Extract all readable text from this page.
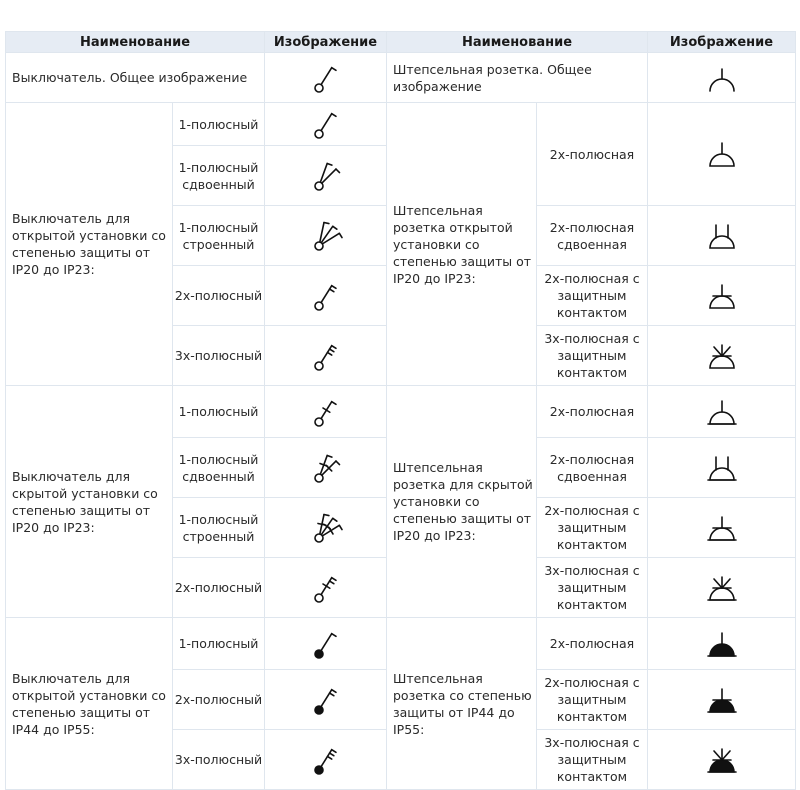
Наименование		Изображение	Наименование		Изображение
Выключатель. Общее изображение			Штепсельная розетка. Общее изображение	

Выключатель для открытой установки со степенью защиты от IP20 до IP23:	1-полюсный		Штепсельная розетка открытой установки со степенью защиты от IP20 до IP23:	2х-полюсная	

	1-полюсный сдвоенный	

	1-полюсный строенный			2х-полюсная сдвоенная	

	2х-полюсный			2х-полюсная с защитным контактом	

	3х-полюсный			3х-полюсная с защитным контактом	

Выключатель для скрытой установки со степенью защиты от IP20 до IP23:	1-полюсный		Штепсельная розетка для скрытой установки со степенью защиты от IP20 до IP23:	2х-полюсная	

	1-полюсный сдвоенный			2х-полюсная сдвоенная	

	1-полюсный строенный			2х-полюсная с защитным контактом	

	2х-полюсный			3х-полюсная с защитным контактом	

Выключатель для открытой установки со степенью защиты от IP44 до IP55:	1-полюсный		Штепсельная розетка со степенью защиты от IP44 до IP55:	2х-полюсная	

	2х-полюсный			2х-полюсная с защитным контактом	

	3х-полюсный			3х-полюсная с защитным контактом	
